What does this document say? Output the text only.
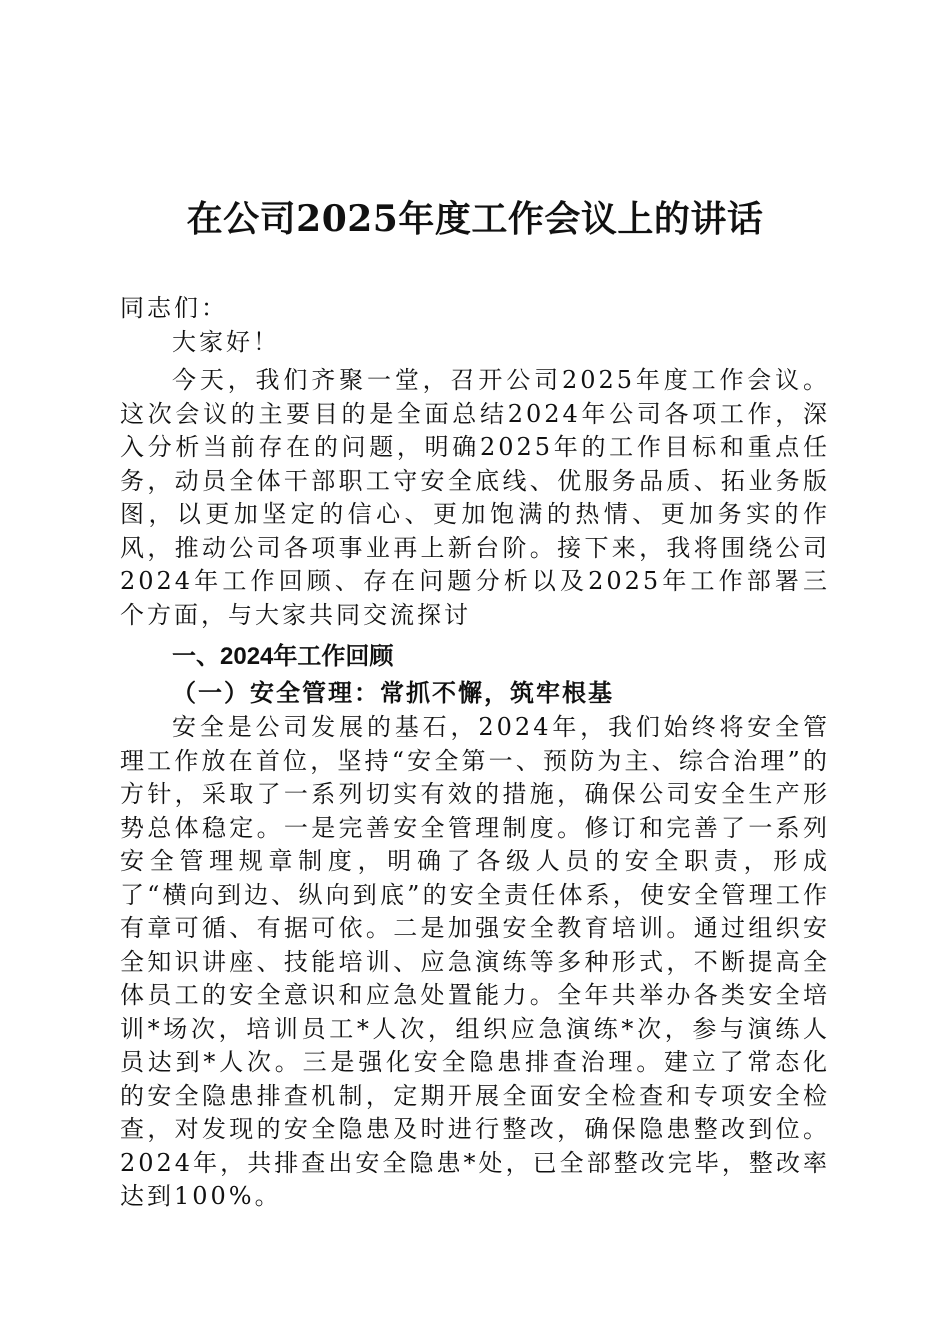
在公司2025年度工作会议上的讲话

同志们：

大家好！

今天，我们齐聚一堂，召开公司2025年度工作会议。这次会议的主要目的是全面总结2024年公司各项工作，深入分析当前存在的问题，明确2025年的工作目标和重点任务，动员全体干部职工守安全底线、优服务品质、拓业务版图，以更加坚定的信心、更加饱满的热情、更加务实的作风，推动公司各项事业再上新台阶。接下来，我将围绕公司2024年工作回顾、存在问题分析以及2025年工作部署三个方面，与大家共同交流探讨

一、2024年工作回顾
（一）安全管理：常抓不懈，筑牢根基

安全是公司发展的基石，2024年，我们始终将安全管理工作放在首位，坚持“安全第一、预防为主、综合治理”的方针，采取了一系列切实有效的措施，确保公司安全生产形势总体稳定。一是完善安全管理制度。修订和完善了一系列安全管理规章制度，明确了各级人员的安全职责，形成了“横向到边、纵向到底”的安全责任体系，使安全管理工作有章可循、有据可依。二是加强安全教育培训。通过组织安全知识讲座、技能培训、应急演练等多种形式，不断提高全体员工的安全意识和应急处置能力。全年共举办各类安全培训*场次，培训员工*人次，组织应急演练*次，参与演练人员达到*人次。三是强化安全隐患排查治理。建立了常态化的安全隐患排查机制，定期开展全面安全检查和专项安全检查，对发现的安全隐患及时进行整改，确保隐患整改到位。2024年，共排查出安全隐患*处，已全部整改完毕，整改率达到100%。
